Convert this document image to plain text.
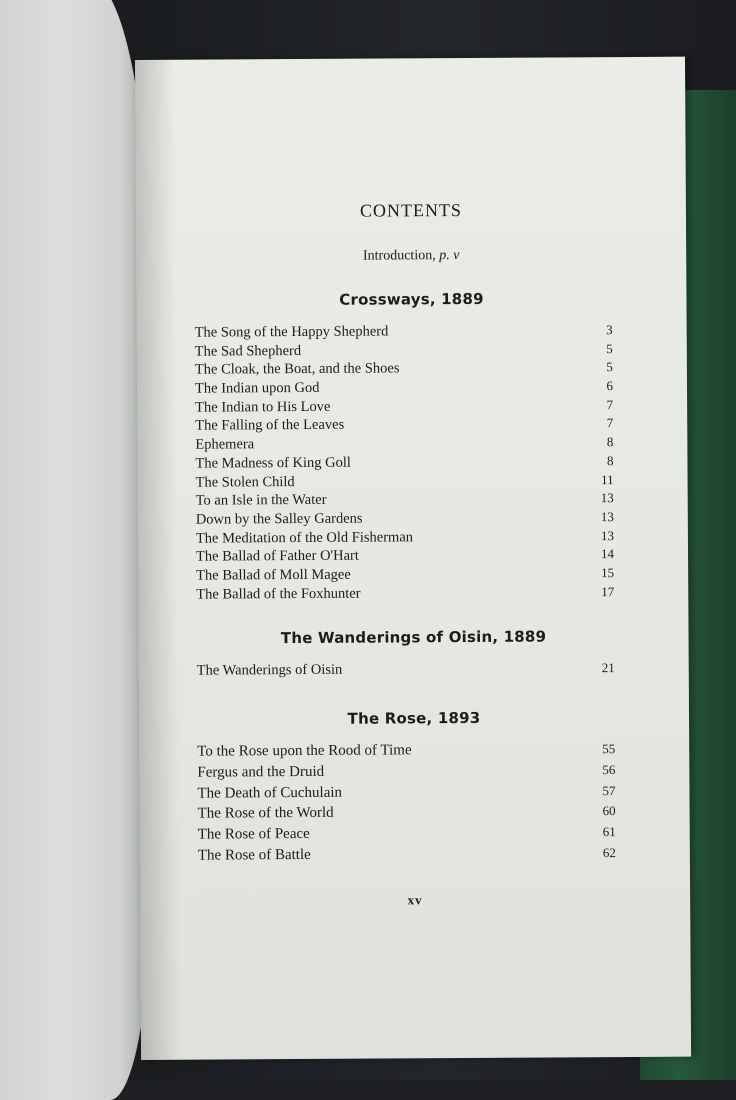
CONTENTS
Introduction, p. v
Crossways, 1889
The Song of the Happy Shepherd	3
The Sad Shepherd	5
The Cloak, the Boat, and the Shoes	5
The Indian upon God	6
The Indian to His Love	7
The Falling of the Leaves	7
Ephemera	8
The Madness of King Goll	8
The Stolen Child	11
To an Isle in the Water	13
Down by the Salley Gardens	13
The Meditation of the Old Fisherman	13
The Ballad of Father O'Hart	14
The Ballad of Moll Magee	15
The Ballad of the Foxhunter	17
The Wanderings of Oisin, 1889
The Wanderings of Oisin	21
The Rose, 1893
To the Rose upon the Rood of Time	55
Fergus and the Druid	56
The Death of Cuchulain	57
The Rose of the World	60
The Rose of Peace	61
The Rose of Battle	62
xv
